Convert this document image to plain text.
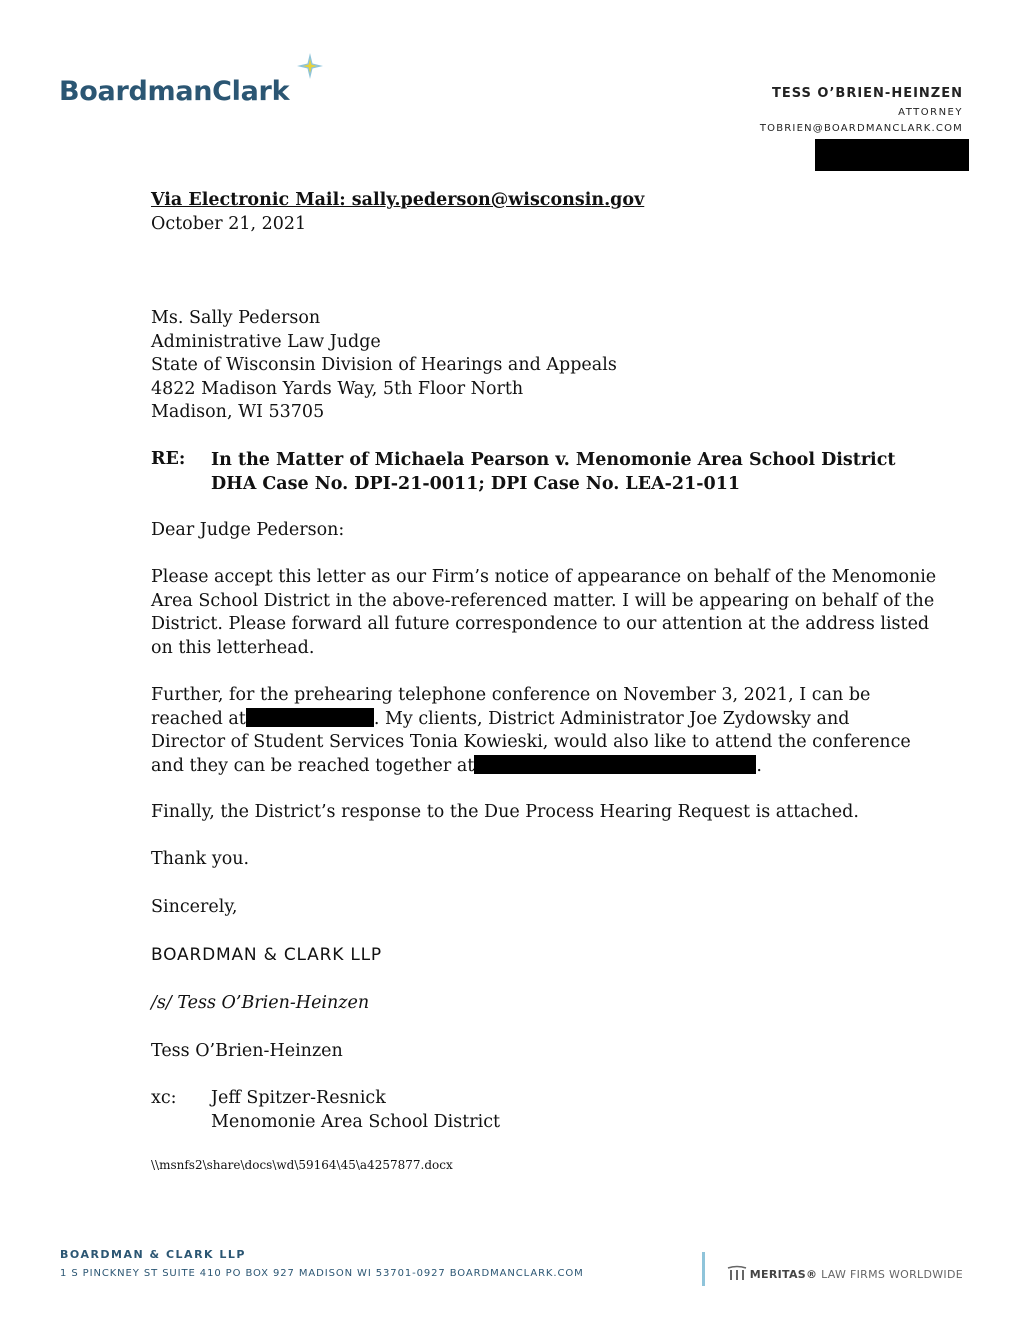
BoardmanClark	TESS O’BRIEN-HEINZEN
ATTORNEY
TOBRIEN@BOARDMANCLARK.COM
Via Electronic Mail: sally.pederson@wisconsin.gov
October 21, 2021
Ms. Sally Pederson
Administrative Law Judge
State of Wisconsin Division of Hearings and Appeals
4822 Madison Yards Way, 5th Floor North
Madison, WI 53705
RE: In the Matter of Michaela Pearson v. Menomonie Area School District
DHA Case No. DPI-21-0011; DPI Case No. LEA-21-011
Dear Judge Pederson:
Please accept this letter as our Firm’s notice of appearance on behalf of the Menomonie
Area School District in the above-referenced matter. I will be appearing on behalf of the
District. Please forward all future correspondence to our attention at the address listed
on this letterhead.
Further, for the prehearing telephone conference on November 3, 2021, I can be
reached at	. My clients, District Administrator Joe Zydowsky and
Director of Student Services Tonia Kowieski, would also like to attend the conference
and they can be reached together at	.
Finally, the District’s response to the Due Process Hearing Request is attached.
Thank you.
Sincerely,
BOARDMAN & CLARK LLP
/s/ Tess O’Brien-Heinzen
Tess O’Brien-Heinzen
xc: Jeff Spitzer-Resnick
Menomonie Area School District
\\msnfs2\share\docs\wd\59164\45\a4257877.docx
BOARDMAN & CLARK LLP
1 S PINCKNEY ST SUITE 410 PO BOX 927 MADISON WI 53701-0927 BOARDMANCLARK.COM	MERITAS® LAW FIRMS WORLDWIDE
